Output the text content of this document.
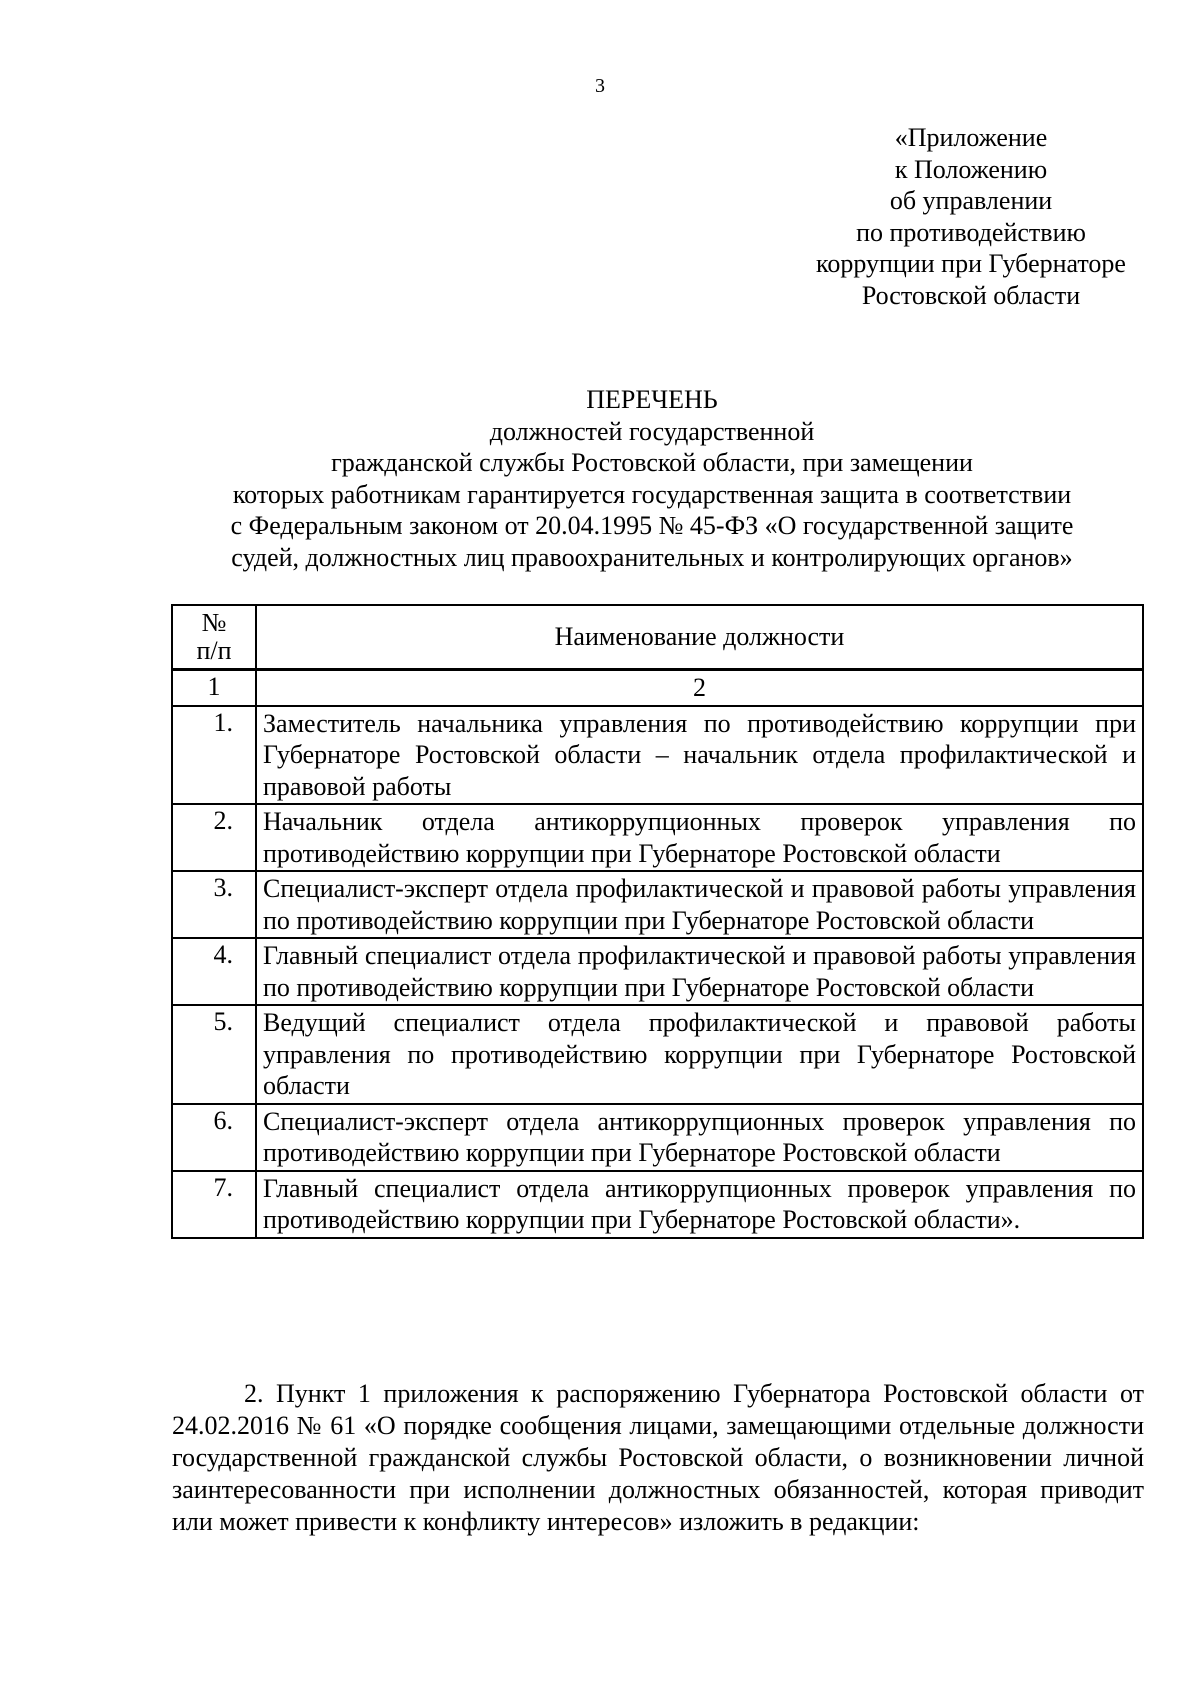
3
«Приложение
к Положению
об управлении
по противодействию
коррупции при Губернаторе
Ростовской области
ПЕРЕЧЕНЬ
должностей государственной
гражданской службы Ростовской области, при замещении
которых работникам гарантируется государственная защита в соответствии
с Федеральным законом от 20.04.1995 № 45-ФЗ «О государственной защите
судей, должностных лиц правоохранительных и контролирующих органов»
№
п/п	Наименование должности
1	2
1.	Заместитель начальника управления по противодействию коррупции при Губернаторе Ростовской области – начальник отдела профилактической и правовой работы
2.	Начальник отдела антикоррупционных проверок управления по противодействию коррупции при Губернаторе Ростовской области
3.	Специалист-эксперт отдела профилактической и правовой работы управления по противодействию коррупции при Губернаторе Ростовской области
4.	Главный специалист отдела профилактической и правовой работы управления по противодействию коррупции при Губернаторе Ростовской области
5.	Ведущий специалист отдела профилактической и правовой работы управления по противодействию коррупции при Губернаторе Ростовской области
6.	Специалист-эксперт отдела антикоррупционных проверок управления по противодействию коррупции при Губернаторе Ростовской области
7.	Главный специалист отдела антикоррупционных проверок управления по противодействию коррупции при Губернаторе Ростовской области».
2. Пункт 1 приложения к распоряжению Губернатора Ростовской области от 24.02.2016 № 61 «О порядке сообщения лицами, замещающими отдельные должности государственной гражданской службы Ростовской области, о возникновении личной заинтересованности при исполнении должностных обязанностей, которая приводит или может привести к конфликту интересов» изложить в редакции:
